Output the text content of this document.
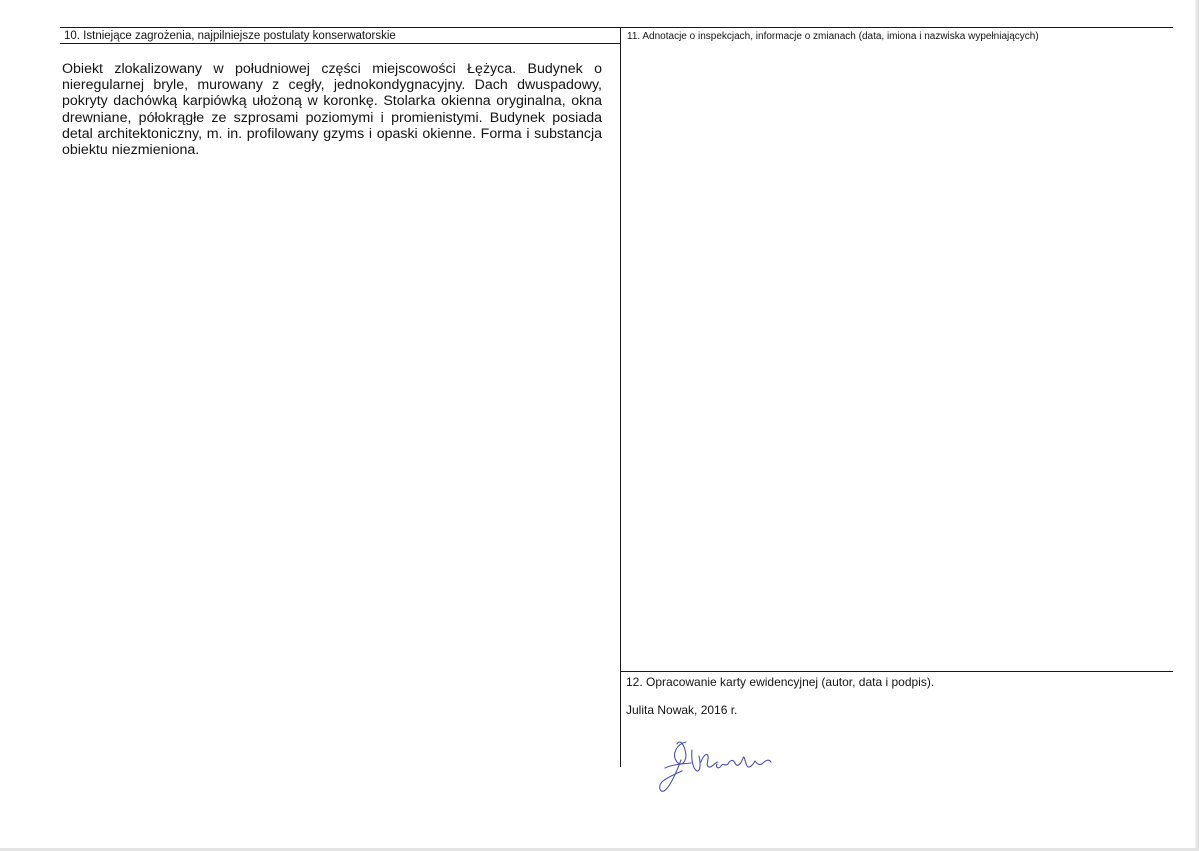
10. Istniejące zagrożenia, najpilniejsze postulaty konserwatorskie

Obiekt zlokalizowany w południowej części miejscowości Łężyca. Budynek o nieregularnej bryle, murowany z cegły, jednokondygnacyjny. Dach dwuspadowy, pokryty dachówką karpiówką ułożoną w koronkę. Stolarka okienna oryginalna, okna drewniane, półokrągłe ze szprosami poziomymi i promienistymi. Budynek posiada detal architektoniczny, m. in. profilowany gzyms i opaski okienne. Forma i substancja obiektu niezmieniona.

11. Adnotacje o inspekcjach, informacje o zmianach (data, imiona i nazwiska wypełniających)
12. Opracowanie karty ewidencyjnej (autor, data i podpis).
Julita Nowak, 2016 r.
